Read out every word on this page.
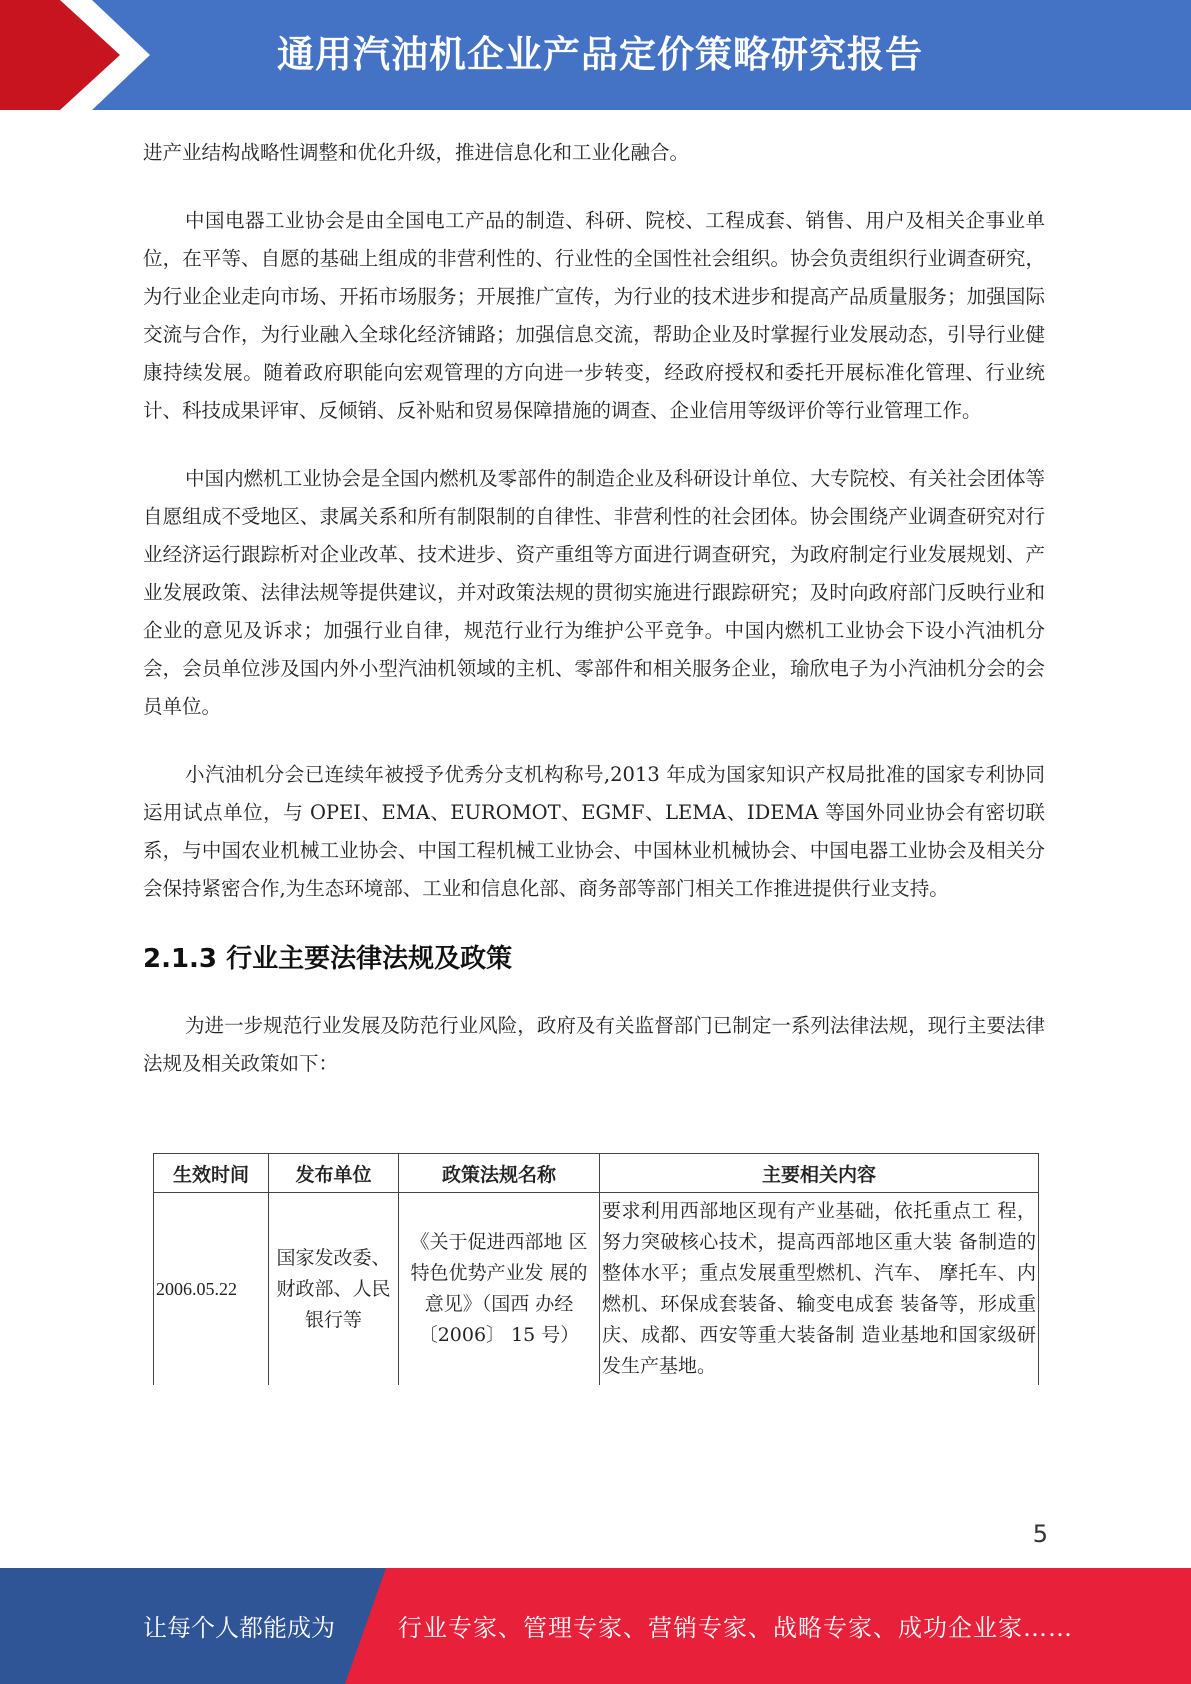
通用汽油机企业产品定价策略研究报告

进产业结构战略性调整和优化升级，推进信息化和工业化融合。

中国电器工业协会是由全国电工产品的制造、科研、院校、工程成套、销售、用户及相关企事业单位，在平等、自愿的基础上组成的非营利性的、行业性的全国性社会组织。协会负责组织行业调查研究，为行业企业走向市场、开拓市场服务；开展推广宣传，为行业的技术进步和提高产品质量服务；加强国际交流与合作，为行业融入全球化经济铺路；加强信息交流，帮助企业及时掌握行业发展动态，引导行业健康持续发展。随着政府职能向宏观管理的方向进一步转变，经政府授权和委托开展标准化管理、行业统计、科技成果评审、反倾销、反补贴和贸易保障措施的调查、企业信用等级评价等行业管理工作。

中国内燃机工业协会是全国内燃机及零部件的制造企业及科研设计单位、大专院校、有关社会团体等自愿组成不受地区、隶属关系和所有制限制的自律性、非营利性的社会团体。协会围绕产业调查研究对行业经济运行跟踪析对企业改革、技术进步、资产重组等方面进行调查研究，为政府制定行业发展规划、产业发展政策、法律法规等提供建议，并对政策法规的贯彻实施进行跟踪研究；及时向政府部门反映行业和企业的意见及诉求；加强行业自律，规范行业行为维护公平竞争。中国内燃机工业协会下设小汽油机分会，会员单位涉及国内外小型汽油机领域的主机、零部件和相关服务企业，瑜欣电子为小汽油机分会的会员单位。

小汽油机分会已连续年被授予优秀分支机构称号,2013 年成为国家知识产权局批准的国家专利协同运用试点单位，与 OPEI、EMA、EUROMOT、EGMF、LEMA、IDEMA 等国外同业协会有密切联系，与中国农业机械工业协会、中国工程机械工业协会、中国林业机械协会、中国电器工业协会及相关分会保持紧密合作,为生态环境部、工业和信息化部、商务部等部门相关工作推进提供行业支持。

2.1.3 行业主要法律法规及政策

为进一步规范行业发展及防范行业风险，政府及有关监督部门已制定一系列法律法规，现行主要法律法规及相关政策如下：

生效时间	发布单位	政策法规名称	主要相关内容
2006.05.22	国家发改委、财政部、人民银行等	《关于促进西部地 区特色优势产业发 展的意见》（国西 办经〔2006〕 15 号）	要求利用西部地区现有产业基础，依托重点工 程，努力突破核心技术，提高西部地区重大装 备制造的整体水平；重点发展重型燃机、汽车、 摩托车、内燃机、环保成套装备、输变电成套 装备等，形成重庆、成都、西安等重大装备制 造业基地和国家级研发生产基地。
5
让每个人都能成为	行业专家、管理专家、营销专家、战略专家、成功企业家……
